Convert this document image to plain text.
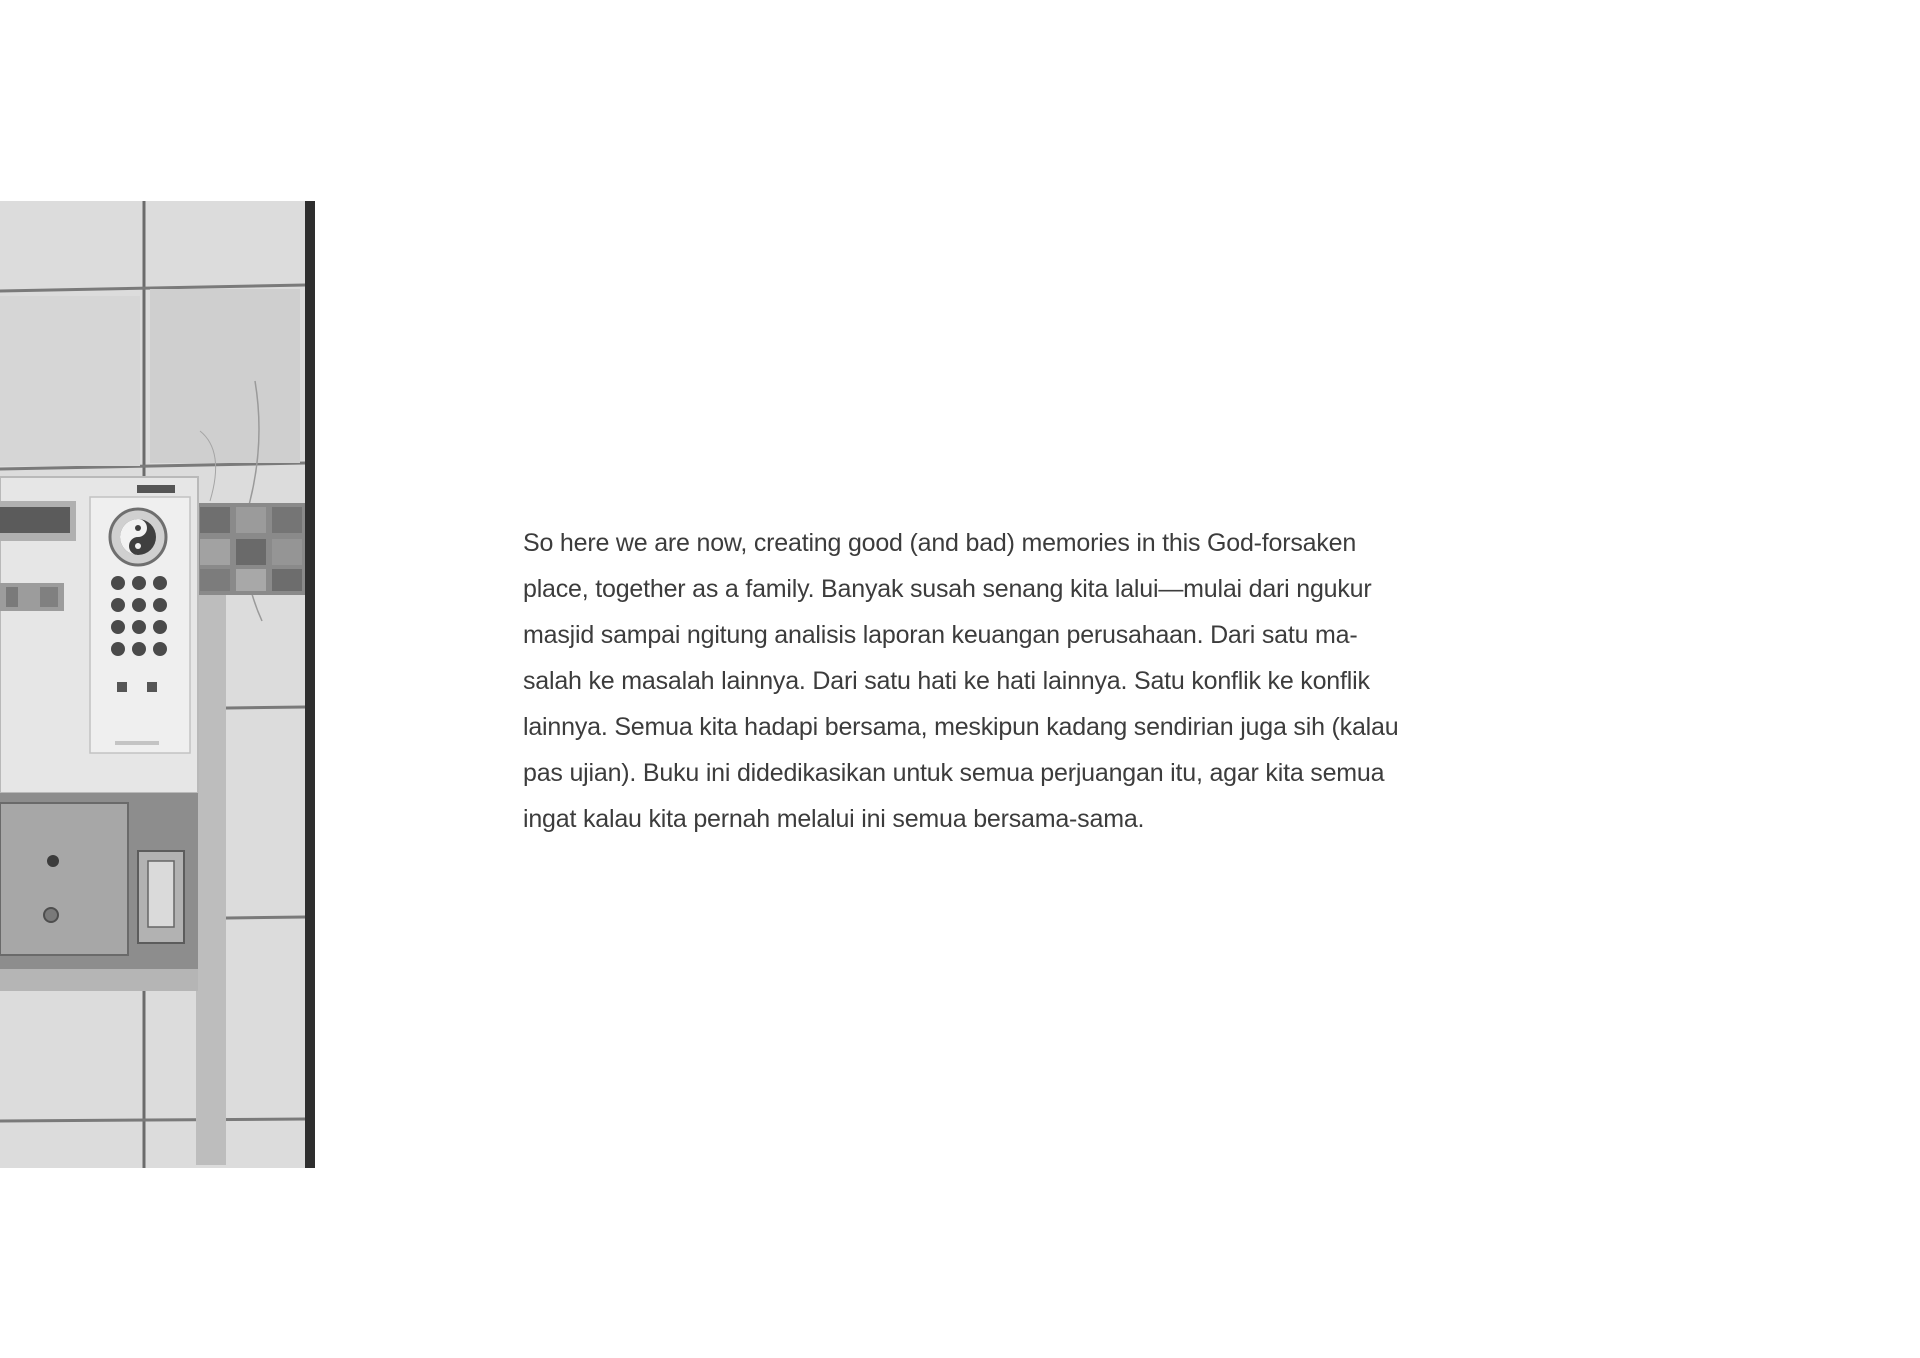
So here we are now, creating good (and bad) memories in this God-forsaken
place, together as a family. Banyak susah senang kita lalui—mulai dari ngukur
masjid sampai ngitung analisis laporan keuangan perusahaan. Dari satu ma-
salah ke masalah lainnya. Dari satu hati ke hati lainnya. Satu konflik ke konflik
lainnya. Semua kita hadapi bersama, meskipun kadang sendirian juga sih (kalau
pas ujian). Buku ini didedikasikan untuk semua perjuangan itu, agar kita semua
ingat kalau kita pernah melalui ini semua bersama-sama.
